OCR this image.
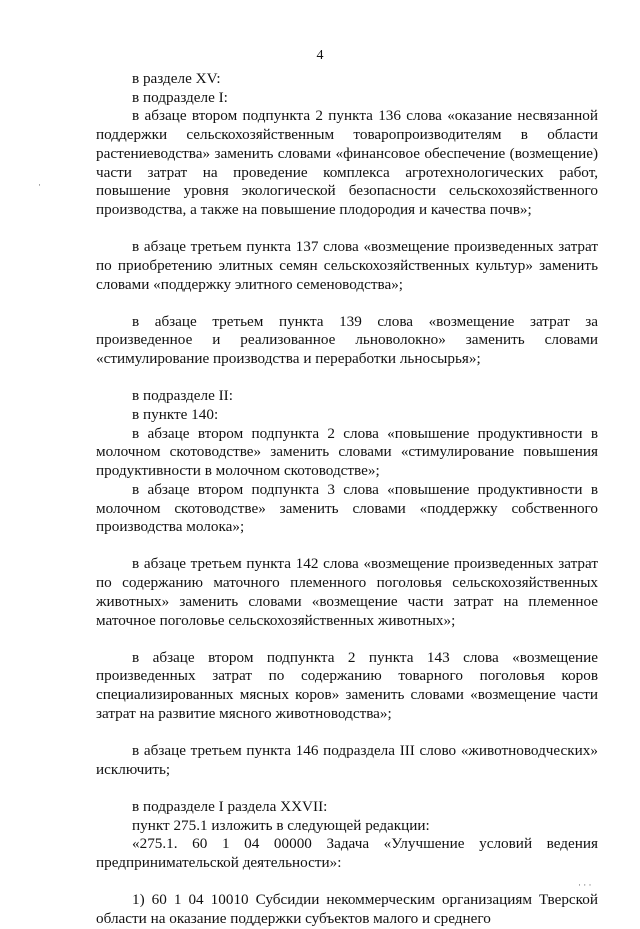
4

в разделе XV:

в подразделе I:

в абзаце втором подпункта 2 пункта 136 слова «оказание несвязанной поддержки сельскохозяйственным товаропроизводителям в области растениеводства» заменить словами «финансовое обеспечение (возмещение) части затрат на проведение комплекса агротехнологических работ, повышение уровня экологической безопасности сельскохозяйственного производства, а также на повышение плодородия и качества почв»;

в абзаце третьем пункта 137 слова «возмещение произведенных затрат по приобретению элитных семян сельскохозяйственных культур» заменить словами «поддержку элитного семеноводства»;

в абзаце третьем пункта 139 слова «возмещение затрат за произведенное и реализованное льноволокно» заменить словами «стимулирование производства и переработки льносырья»;

в подразделе II:

в пункте 140:

в абзаце втором подпункта 2 слова «повышение продуктивности в молочном скотоводстве» заменить словами «стимулирование повышения продуктивности в молочном скотоводстве»;

в абзаце втором подпункта 3 слова «повышение продуктивности в молочном скотоводстве» заменить словами «поддержку собственного производства молока»;

в абзаце третьем пункта 142 слова «возмещение произведенных затрат по содержанию маточного племенного поголовья сельскохозяйственных животных» заменить словами «возмещение части затрат на племенное маточное поголовье сельскохозяйственных животных»;

в абзаце втором подпункта 2 пункта 143 слова «возмещение произведенных затрат по содержанию товарного поголовья коров специализированных мясных коров» заменить словами «возмещение части затрат на развитие мясного животноводства»;

в абзаце третьем пункта 146 подраздела III слово «животноводческих» исключить;

в подразделе I раздела XXVII:

пункт 275.1 изложить в следующей редакции:

«275.1. 60 1 04 00000 Задача «Улучшение условий ведения предпринимательской деятельности»:

1) 60 1 04 10010 Субсидии некоммерческим организациям Тверской области на оказание поддержки субъектов малого и среднего

·
· · ·
